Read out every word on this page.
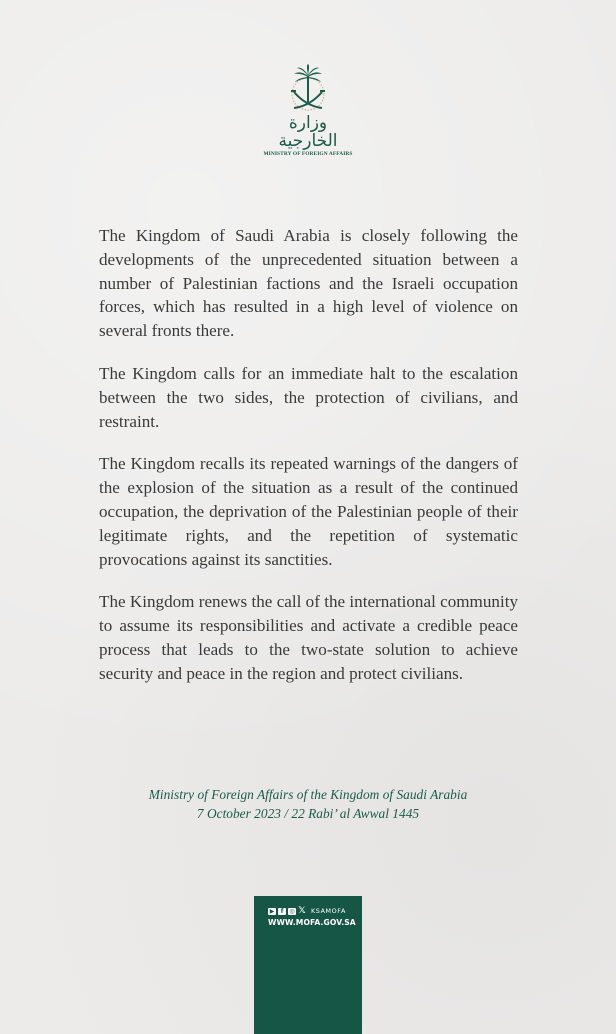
وزارة الخارجية
MINISTRY OF FOREIGN AFFAIRS

The Kingdom of Saudi Arabia is closely following the developments of the unprecedented situation between a number of Palestinian factions and the Israeli occupation forces, which has resulted in a high level of violence on several fronts there.

The Kingdom calls for an immediate halt to the escalation between the two sides, the protection of civilians, and restraint.

The Kingdom recalls its repeated warnings of the dangers of the explosion of the situation as a result of the continued occupation, the deprivation of the Palestinian people of their legitimate rights, and the repetition of systematic provocations against its sanctities.

The Kingdom renews the call of the international community to assume its responsibilities and activate a credible peace process that leads to the two-state solution to achieve security and peace in the region and protect civilians.

Ministry of Foreign Affairs of the Kingdom of Saudi Arabia
7 October 2023 / 22 Rabi’ al Awwal 1445
▶	f	◎ 𝕏 KSAMOFA
WWW.MOFA.GOV.SA
